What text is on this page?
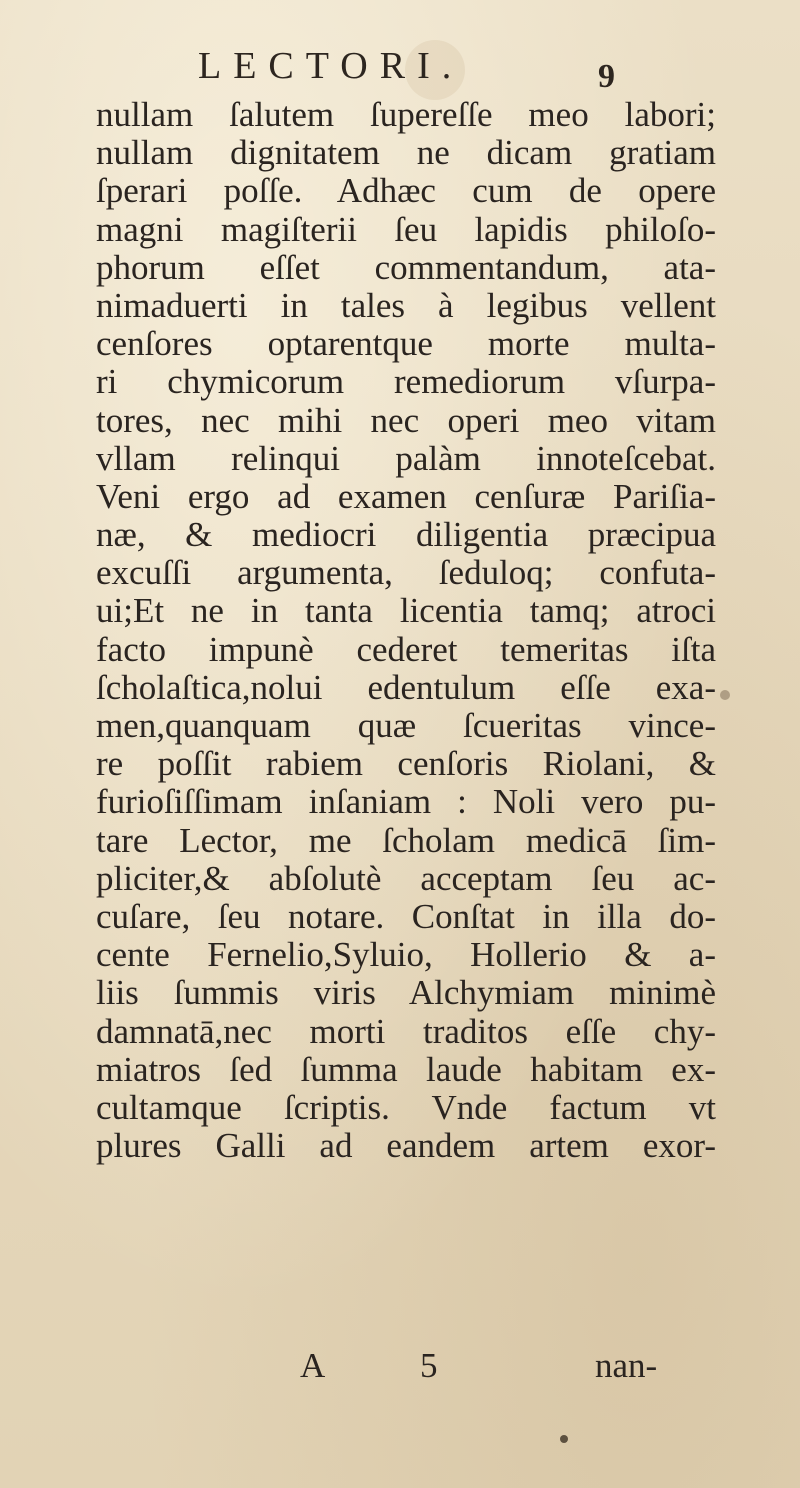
LECTORI.	9
nullam ſalutem ſupereſſe meo labori;
nullam dignitatem ne dicam gratiam
ſperari poſſe. Adhæc cum de opere
magni magiſterii ſeu lapidis philoſo-
phorum eſſet commentandum, ata-
nimaduerti in tales à legibus vellent
cenſores optarentque morte multa-
ri chymicorum remediorum vſurpa-
tores, nec mihi nec operi meo vitam
vllam relinqui palàm innoteſcebat.
Veni ergo ad examen cenſuræ Pariſia-
næ, & mediocri diligentia præcipua
excuſſi argumenta, ſeduloq; confuta-
ui;Et ne in tanta licentia tamq; atroci
facto impunè cederet temeritas iſta
ſcholaſtica,nolui edentulum eſſe exa-
men,quanquam quæ ſcueritas vince-
re poſſit rabiem cenſoris Riolani, &
furioſiſſimam inſaniam : Noli vero pu-
tare Lector, me ſcholam medicā ſim-
pliciter,& abſolutè acceptam ſeu ac-
cuſare, ſeu notare. Conſtat in illa do-
cente Fernelio,Syluio, Hollerio & a-
liis ſummis viris Alchymiam minimè
damnatā,nec morti traditos eſſe chy-
miatros ſed ſumma laude habitam ex-
cultamque ſcriptis. Vnde factum vt
plures Galli ad eandem artem exor-
A	5	nan-
